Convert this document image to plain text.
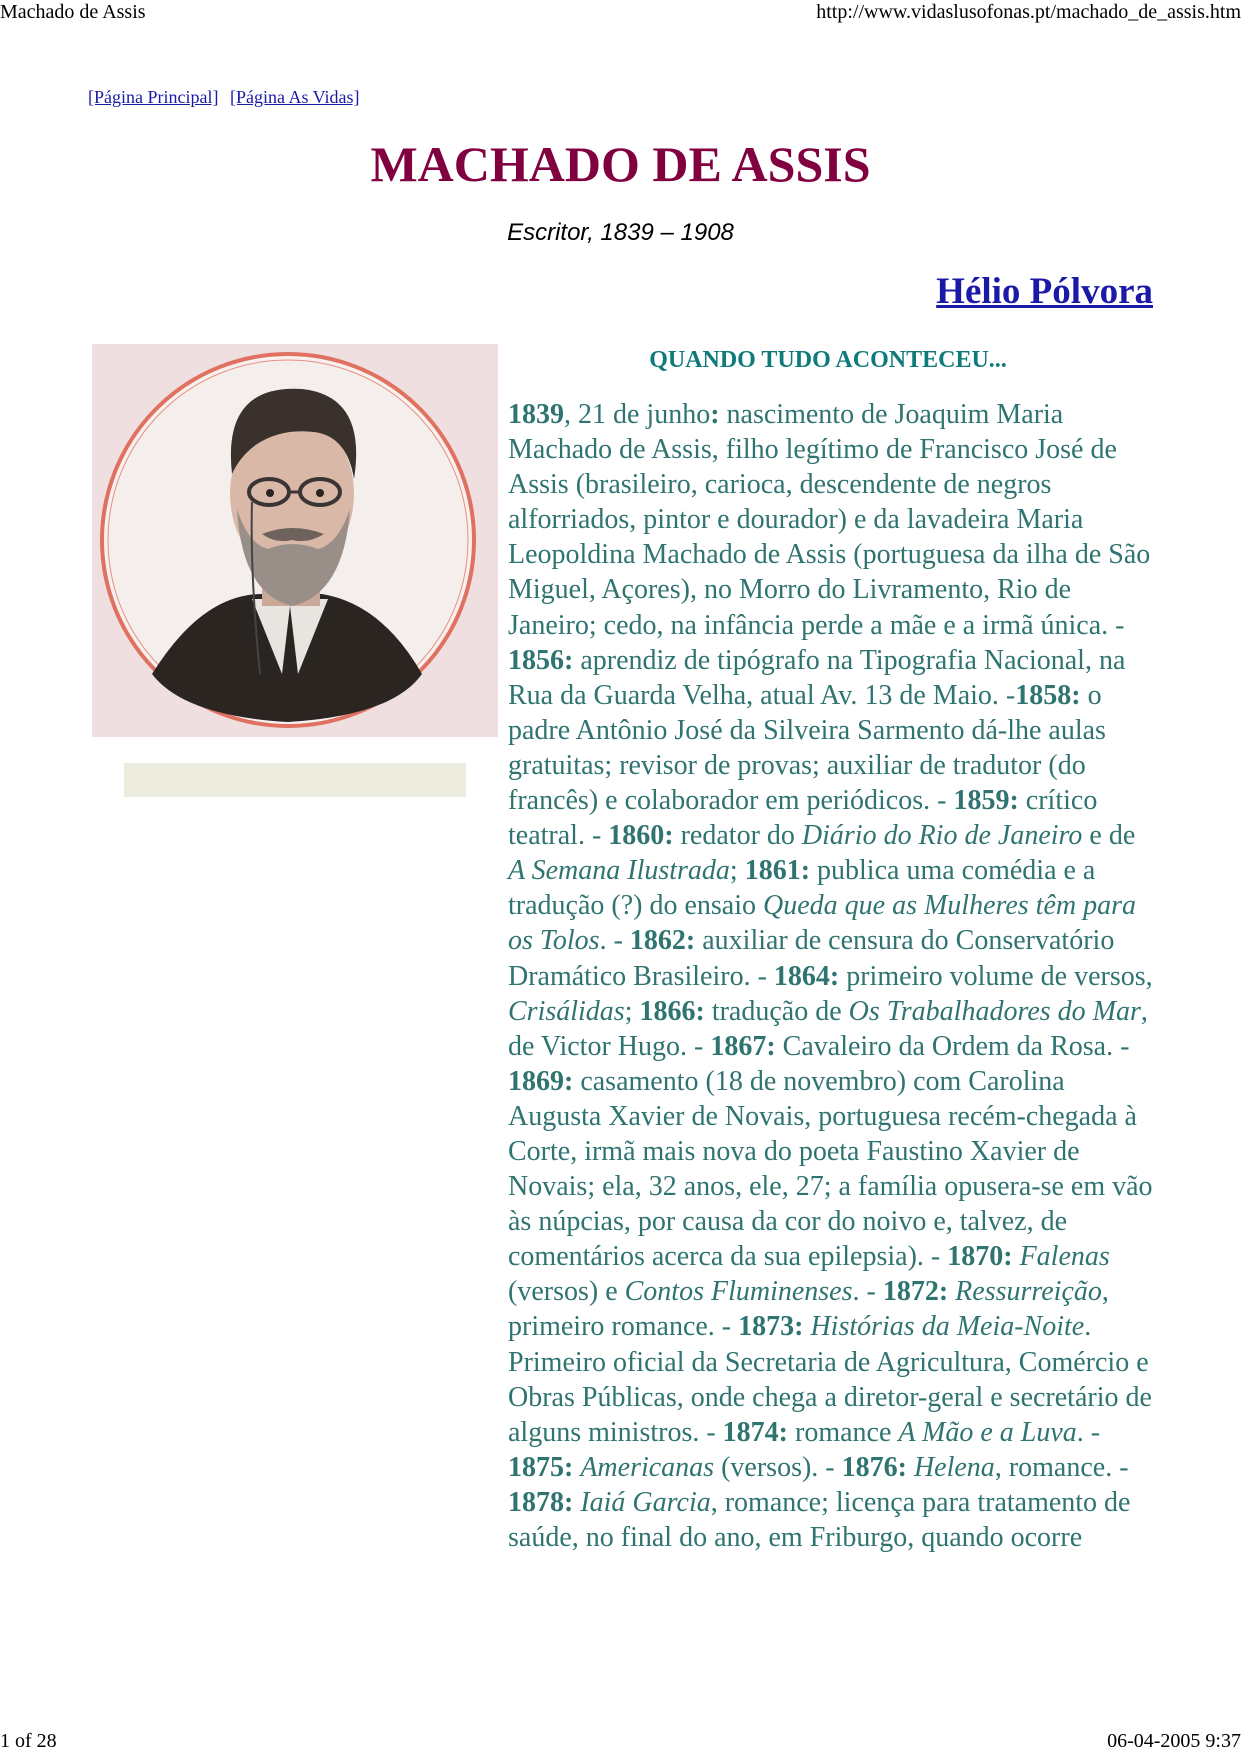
Machado de Assis	http://www.vidaslusofonas.pt/machado_de_assis.htm
[Página Principal] [Página As Vidas]
MACHADO DE ASSIS
Escritor, 1839 – 1908
Hélio Pólvora
QUANDO TUDO ACONTECEU...

1839, 21 de junho: nascimento de Joaquim Maria Machado de Assis, filho legítimo de Francisco José de Assis (brasileiro, carioca, descendente de negros alforriados, pintor e dourador) e da lavadeira Maria Leopoldina Machado de Assis (portuguesa da ilha de São Miguel, Açores), no Morro do Livramento, Rio de Janeiro; cedo, na infância perde a mãe e a irmã única. - 1856: aprendiz de tipógrafo na Tipografia Nacional, na Rua da Guarda Velha, atual Av. 13 de Maio. -1858: o padre Antônio José da Silveira Sarmento dá-lhe aulas gratuitas; revisor de provas; auxiliar de tradutor (do francês) e colaborador em periódicos. - 1859: crítico teatral. - 1860: redator do Diário do Rio de Janeiro e de A Semana Ilustrada; 1861: publica uma comédia e a tradução (?) do ensaio Queda que as Mulheres têm para os Tolos. - 1862: auxiliar de censura do Conservatório Dramático Brasileiro. - 1864: primeiro volume de versos, Crisálidas; 1866: tradução de Os Trabalhadores do Mar, de Victor Hugo. - 1867: Cavaleiro da Ordem da Rosa. - 1869: casamento (18 de novembro) com Carolina Augusta Xavier de Novais, portuguesa recém-chegada à Corte, irmã mais nova do poeta Faustino Xavier de Novais; ela, 32 anos, ele, 27; a família opusera-se em vão às núpcias, por causa da cor do noivo e, talvez, de comentários acerca da sua epilepsia). - 1870: Falenas (versos) e Contos Fluminenses. - 1872: Ressurreição, primeiro romance. - 1873: Histórias da Meia-Noite. Primeiro oficial da Secretaria de Agricultura, Comércio e Obras Públicas, onde chega a diretor-geral e secretário de alguns ministros. - 1874: romance A Mão e a Luva. - 1875: Americanas (versos). - 1876: Helena, romance. - 1878: Iaiá Garcia, romance; licença para tratamento de saúde, no final do ano, em Friburgo, quando ocorre

1 of 28	06-04-2005 9:37
